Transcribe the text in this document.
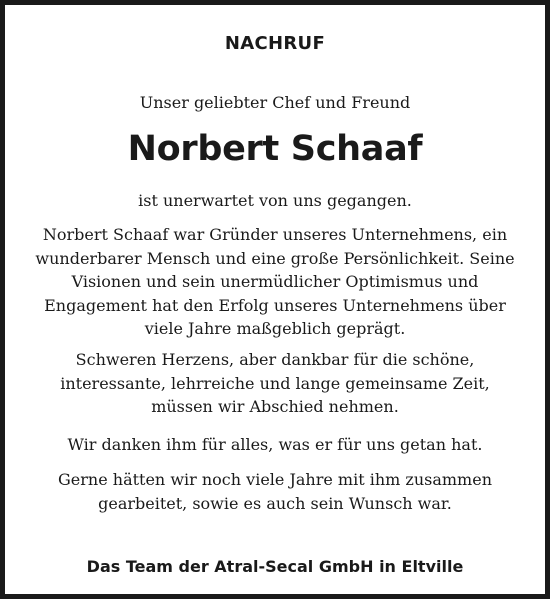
NACHRUF
Unser geliebter Chef und Freund
Norbert Schaaf
ist unerwartet von uns gegangen.

Norbert Schaaf war Gründer unseres Unternehmens, ein
wunderbarer Mensch und eine große Persönlichkeit. Seine
Visionen und sein unermüdlicher Optimismus und
Engagement hat den Erfolg unseres Unternehmens über
viele Jahre maßgeblich geprägt.

Schweren Herzens, aber dankbar für die schöne,
interessante, lehrreiche und lange gemeinsame Zeit,
müssen wir Abschied nehmen.

Wir danken ihm für alles, was er für uns getan hat.

Gerne hätten wir noch viele Jahre mit ihm zusammen
gearbeitet, sowie es auch sein Wunsch war.

Das Team der Atral-Secal GmbH in Eltville
